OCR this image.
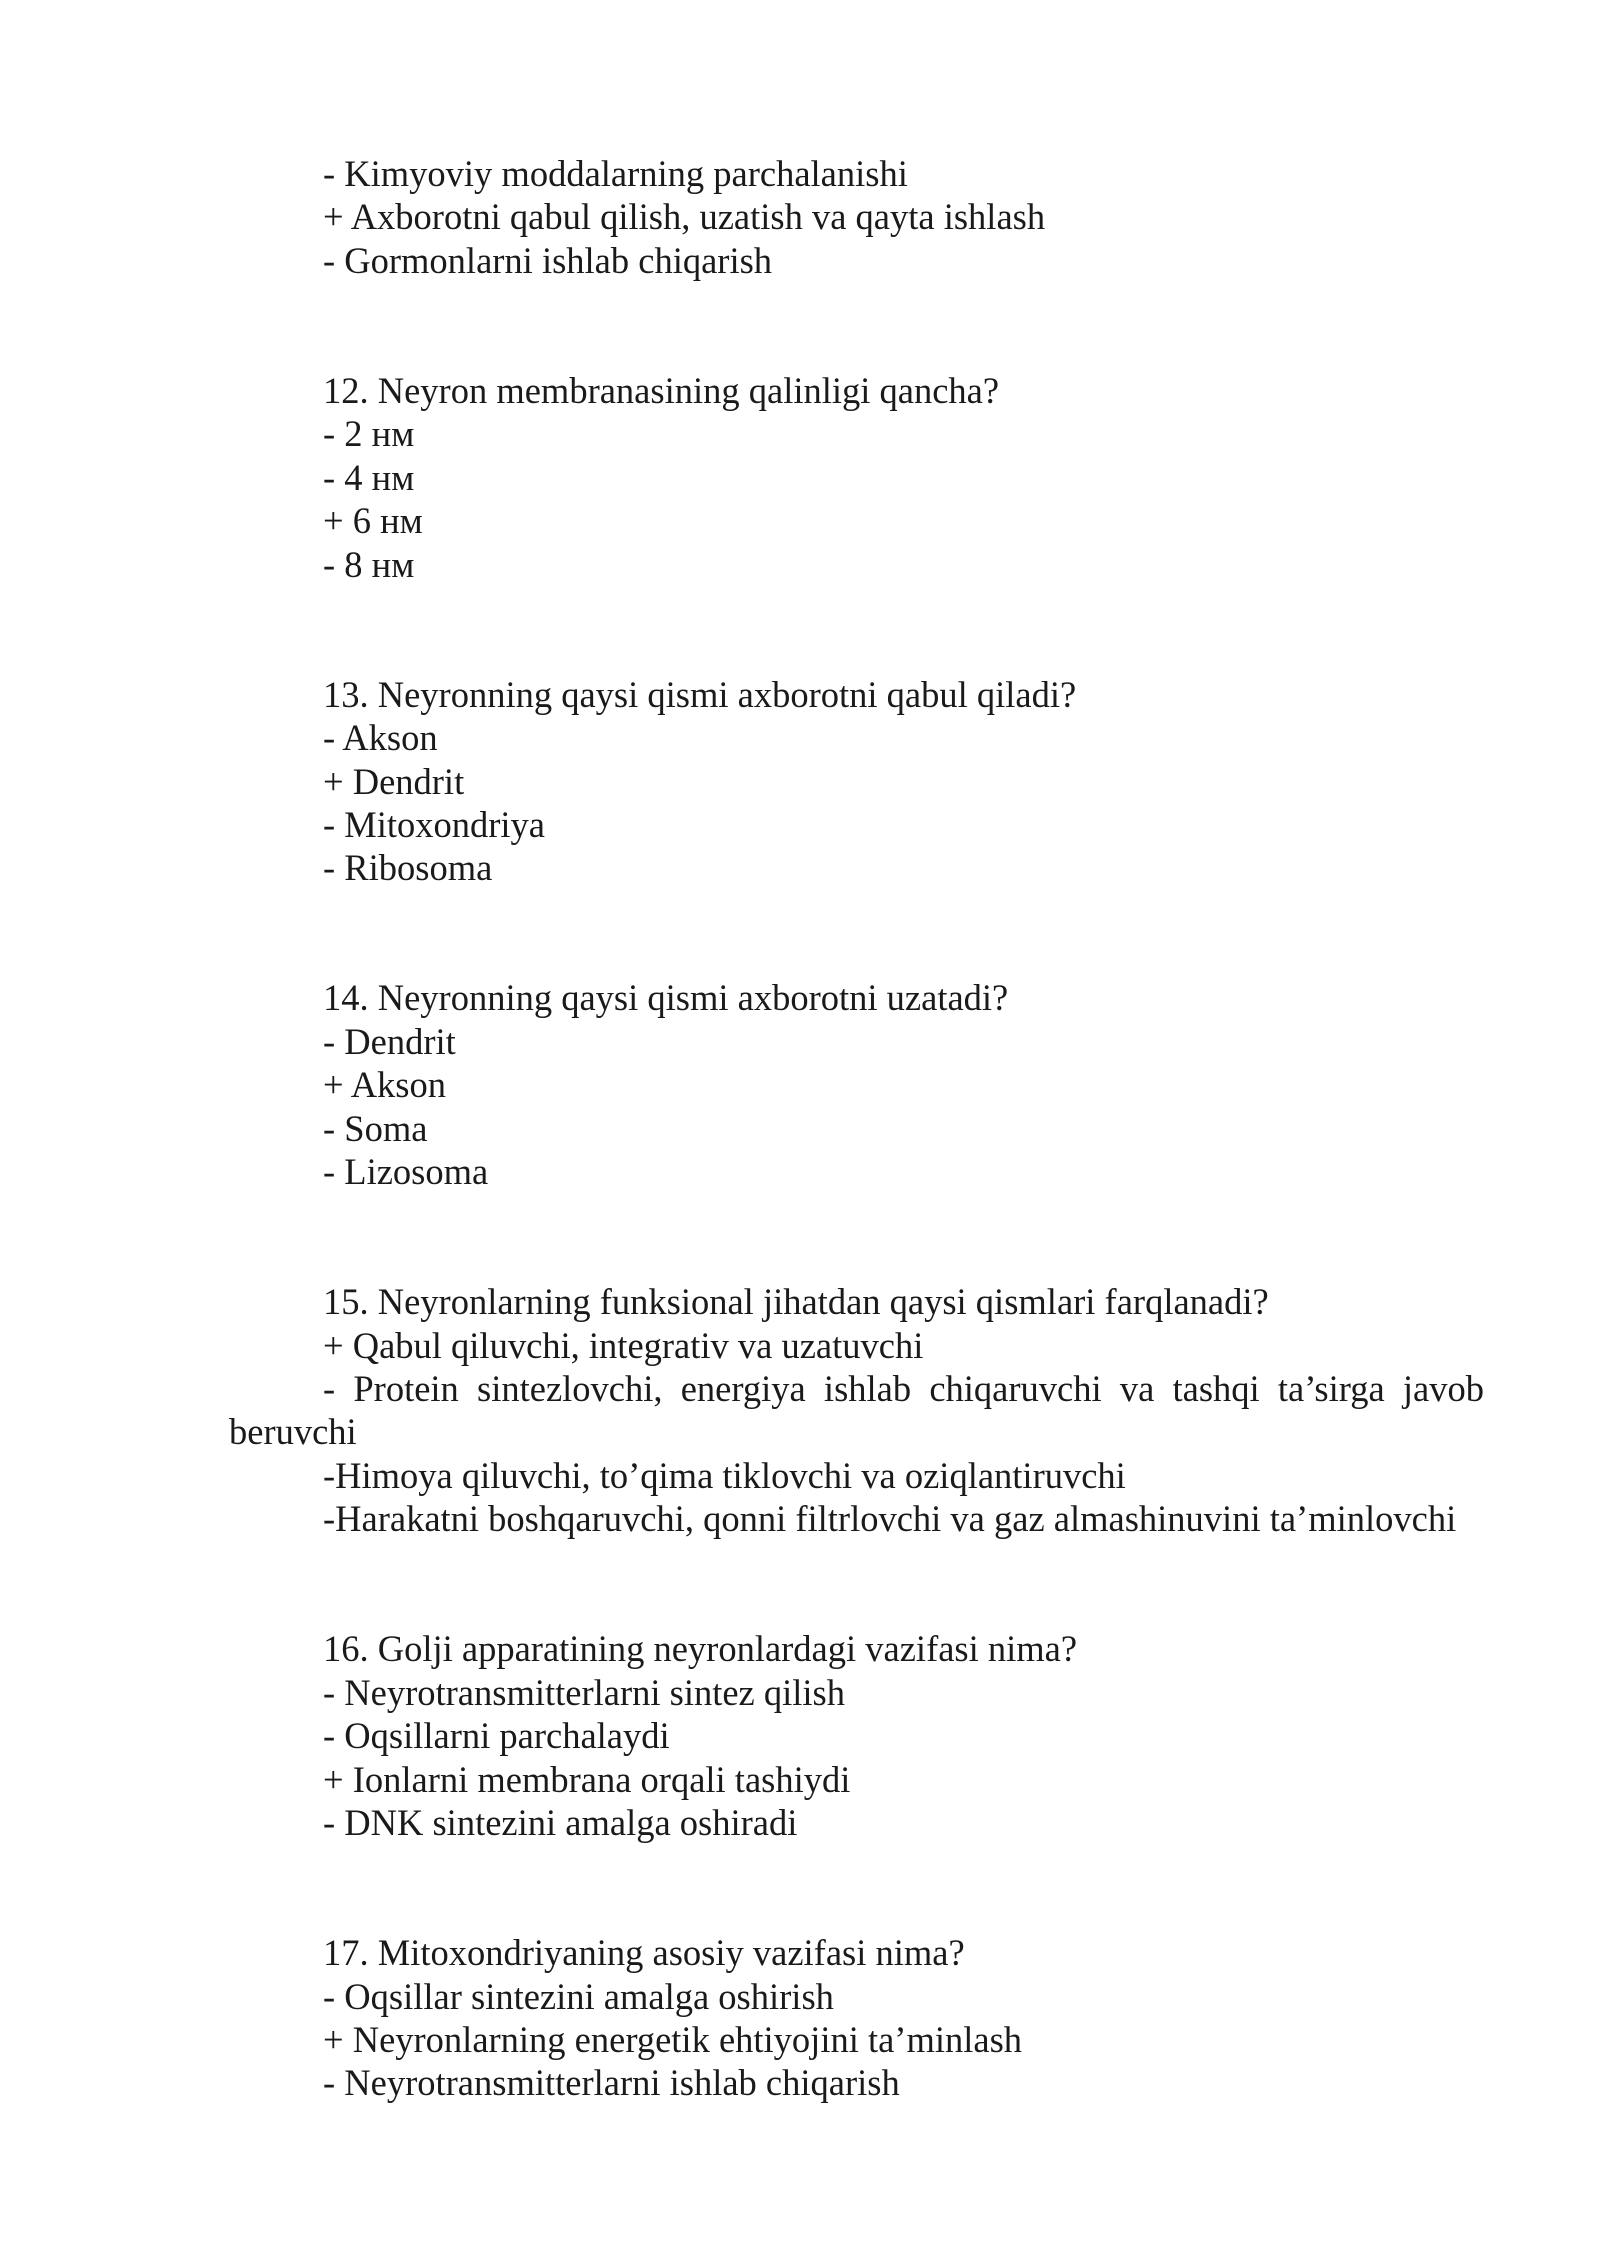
- Kimyoviy moddalarning parchalanishi
+ Axborotni qabul qilish, uzatish va qayta ishlash
- Gormonlarni ishlab chiqarish
12. Neyron membranasining qalinligi qancha?
- 2 нм
- 4 нм
+ 6 нм
- 8 нм
13. Neyronning qaysi qismi axborotni qabul qiladi?
- Akson
+ Dendrit
- Mitoxondriya
- Ribosoma
14. Neyronning qaysi qismi axborotni uzatadi?
- Dendrit
+ Akson
- Soma
- Lizosoma
15. Neyronlarning funksional jihatdan qaysi qismlari farqlanadi?
+ Qabul qiluvchi, integrativ va uzatuvchi
- Protein sintezlovchi, energiya ishlab chiqaruvchi va tashqi ta’sirga javob beruvchi
-Himoya qiluvchi, to’qima tiklovchi va oziqlantiruvchi
-Harakatni boshqaruvchi, qonni filtrlovchi va gaz almashinuvini ta’minlovchi
16. Golji apparatining neyronlardagi vazifasi nima?
- Neyrotransmitterlarni sintez qilish
- Oqsillarni parchalaydi
+ Ionlarni membrana orqali tashiydi
- DNK sintezini amalga oshiradi
17. Mitoxondriyaning asosiy vazifasi nima?
- Oqsillar sintezini amalga oshirish
+ Neyronlarning energetik ehtiyojini ta’minlash
- Neyrotransmitterlarni ishlab chiqarish
